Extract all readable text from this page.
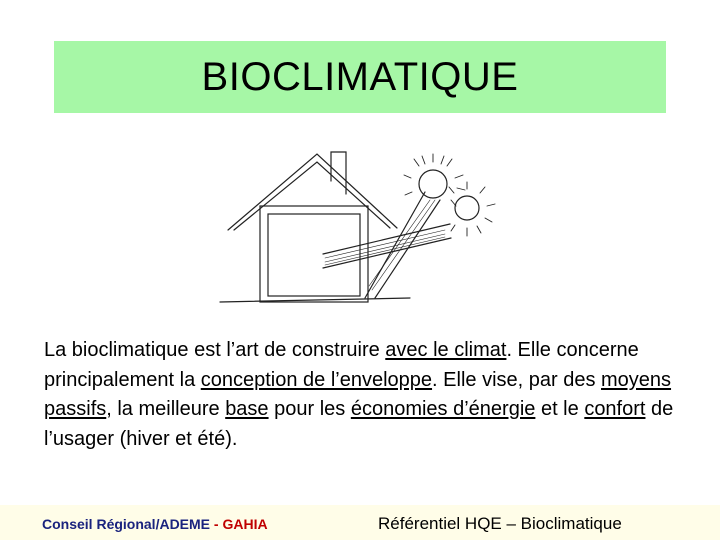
BIOCLIMATIQUE
La bioclimatique est l’art de construire avec le climat. Elle concerne principalement la conception de l’enveloppe. Elle vise, par des moyens passifs, la meilleure base pour les économies d’énergie et le confort de l’usager (hiver et été).
Conseil Régional/ADEME - GAHIA	Référentiel HQE – Bioclimatique
